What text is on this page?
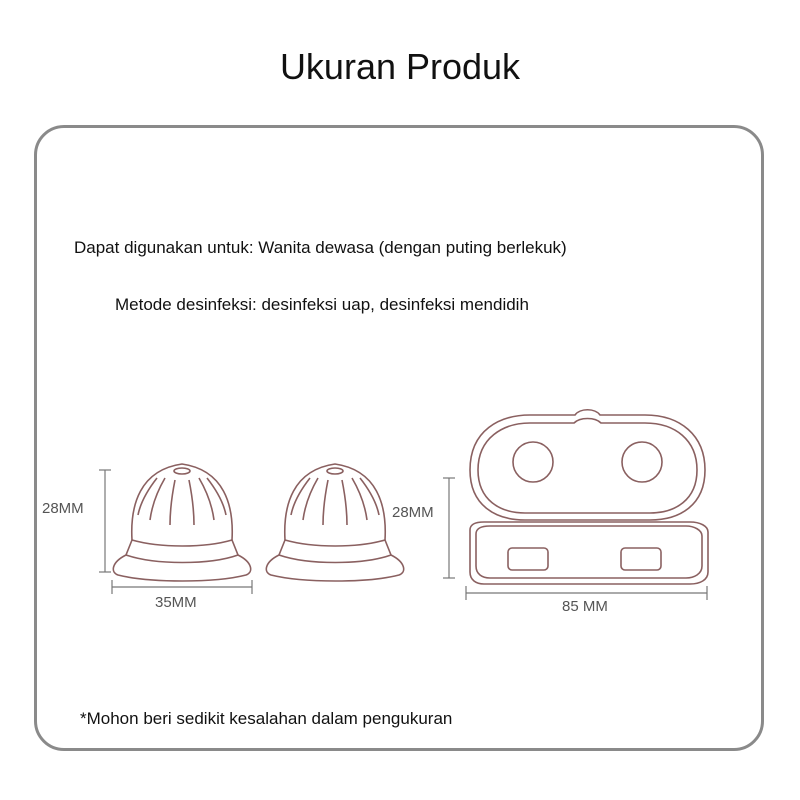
Ukuran Produk
Dapat digunakan untuk: Wanita dewasa (dengan puting berlekuk)
Metode desinfeksi: desinfeksi uap, desinfeksi mendidih
28MM
35MM
28MM
85 MM
*Mohon beri sedikit kesalahan dalam pengukuran
